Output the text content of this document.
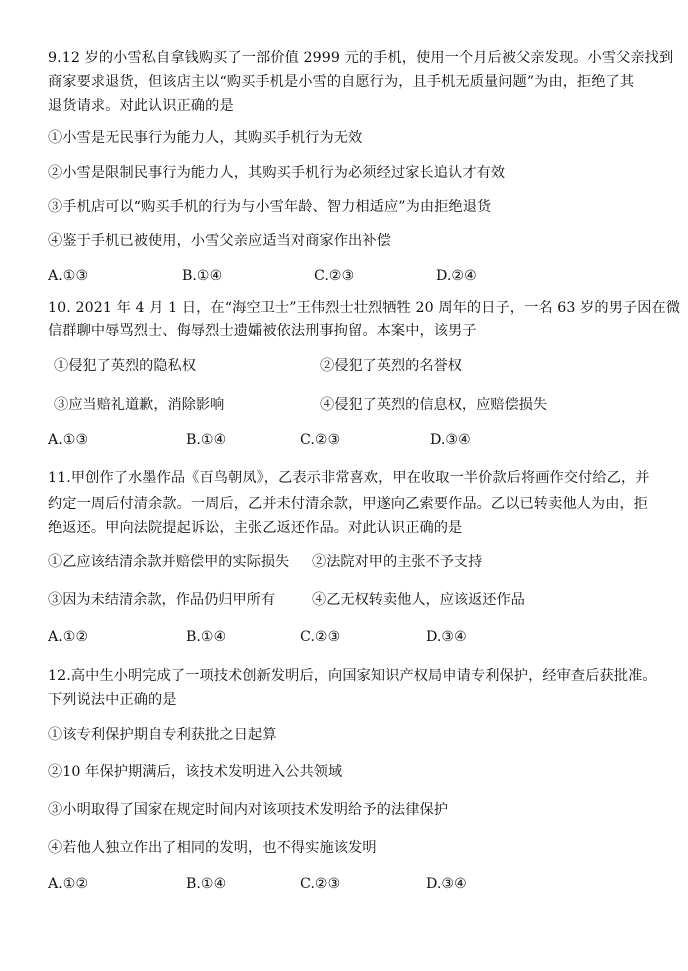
9.12 岁的小雪私自拿钱购买了一部价值 2999 元的手机，使用一个月后被父亲发现。小雪父亲找到
商家要求退货，但该店主以“购买手机是小雪的自愿行为，且手机无质量问题”为由，拒绝了其
退货请求。对此认识正确的是
①小雪是无民事行为能力人，其购买手机行为无效
②小雪是限制民事行为能力人，其购买手机行为必须经过家长追认才有效
③手机店可以“购买手机的行为与小雪年龄、智力相适应”为由拒绝退货
④鉴于手机已被使用，小雪父亲应适当对商家作出补偿
A.①③	B.①④	C.②③	D.②④
10. 2021 年 4 月 1 日，在“海空卫士”王伟烈士壮烈牺牲 20 周年的日子，一名 63 岁的男子因在微
信群聊中辱骂烈士、侮辱烈士遗孀被依法刑事拘留。本案中，该男子
①侵犯了英烈的隐私权	②侵犯了英烈的名誉权
③应当赔礼道歉，消除影响	④侵犯了英烈的信息权，应赔偿损失
A.①③	B.①④	C.②③	D.③④
11.甲创作了水墨作品《百鸟朝凤》，乙表示非常喜欢，甲在收取一半价款后将画作交付给乙，并
约定一周后付清余款。一周后，乙并未付清余款，甲遂向乙索要作品。乙以已转卖他人为由，拒
绝返还。甲向法院提起诉讼，主张乙返还作品。对此认识正确的是
①乙应该结清余款并赔偿甲的实际损失 ②法院对甲的主张不予支持
③因为未结清余款，作品仍归甲所有	④乙无权转卖他人，应该返还作品
A.①②	B.①④	C.②③	D.③④
12.高中生小明完成了一项技术创新发明后，向国家知识产权局申请专利保护，经审查后获批准。
下列说法中正确的是
①该专利保护期自专利获批之日起算
②10 年保护期满后，该技术发明进入公共领域
③小明取得了国家在规定时间内对该项技术发明给予的法律保护
④若他人独立作出了相同的发明，也不得实施该发明
A.①②	B.①④	C.②③	D.③④
